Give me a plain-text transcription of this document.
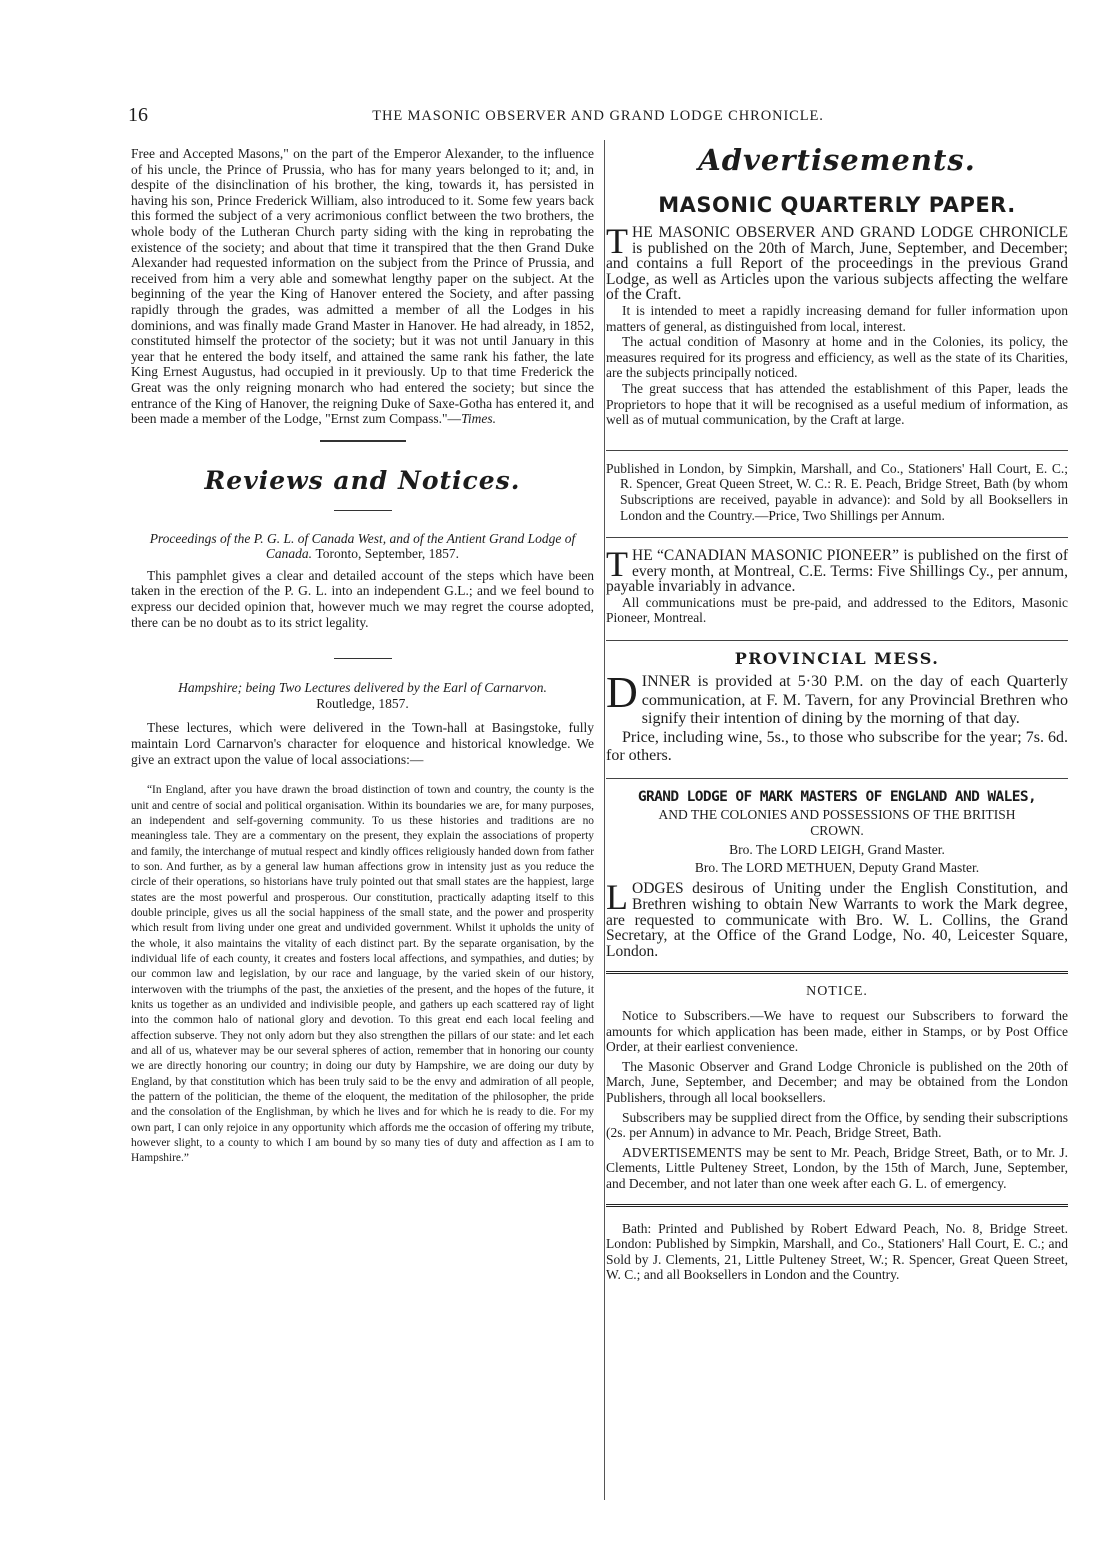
16	THE MASONIC OBSERVER AND GRAND LODGE CHRONICLE.

Free and Accepted Masons," on the part of the Emperor Alexander, to the influence of his uncle, the Prince of Prussia, who has for many years belonged to it; and, in despite of the disinclination of his brother, the king, towards it, has persisted in having his son, Prince Frederick William, also introduced to it. Some few years back this formed the subject of a very acrimonious conflict between the two brothers, the whole body of the Lutheran Church party siding with the king in reprobating the existence of the society; and about that time it transpired that the then Grand Duke Alexander had requested information on the subject from the Prince of Prussia, and received from him a very able and somewhat lengthy paper on the subject. At the beginning of the year the King of Hanover entered the Society, and after passing rapidly through the grades, was admitted a member of all the Lodges in his dominions, and was finally made Grand Master in Hanover. He had already, in 1852, constituted himself the protector of the society; but it was not until January in this year that he entered the body itself, and attained the same rank his father, the late King Ernest Augustus, had occupied in it previously. Up to that time Frederick the Great was the only reigning monarch who had entered the society; but since the entrance of the King of Hanover, the reigning Duke of Saxe-Gotha has entered it, and been made a member of the Lodge, "Ernst zum Compass."—Times.

Reviews and Notices.

Proceedings of the P. G. L. of Canada West, and of the Antient Grand Lodge of Canada. Toronto, September, 1857.

This pamphlet gives a clear and detailed account of the steps which have been taken in the erection of the P. G. L. into an independent G.L.; and we feel bound to express our decided opinion that, however much we may regret the course adopted, there can be no doubt as to its strict legality.

Hampshire; being Two Lectures delivered by the Earl of Carnarvon.

Routledge, 1857.

These lectures, which were delivered in the Town-hall at Basingstoke, fully maintain Lord Carnarvon's character for eloquence and historical knowledge. We give an extract upon the value of local associations:—

“In England, after you have drawn the broad distinction of town and country, the county is the unit and centre of social and political organisation. Within its boundaries we are, for many purposes, an independent and self-governing community. To us these histories and traditions are no meaningless tale. They are a commentary on the present, they explain the associations of property and family, the interchange of mutual respect and kindly offices religiously handed down from father to son. And further, as by a general law human affections grow in intensity just as you reduce the circle of their operations, so historians have truly pointed out that small states are the happiest, large states are the most powerful and prosperous. Our constitution, practically adapting itself to this double principle, gives us all the social happiness of the small state, and the power and prosperity which result from living under one great and undivided government. Whilst it upholds the unity of the whole, it also maintains the vitality of each distinct part. By the separate organisation, by the individual life of each county, it creates and fosters local affections, and sympathies, and duties; by our common law and legislation, by our race and language, by the varied skein of our history, interwoven with the triumphs of the past, the anxieties of the present, and the hopes of the future, it knits us together as an undivided and indivisible people, and gathers up each scattered ray of light into the common halo of national glory and devotion. To this great end each local feeling and affection subserve. They not only adorn but they also strengthen the pillars of our state: and let each and all of us, whatever may be our several spheres of action, remember that in honoring our county we are directly honoring our country; in doing our duty by Hampshire, we are doing our duty by England, by that constitution which has been truly said to be the envy and admiration of all people, the pattern of the politician, the theme of the eloquent, the meditation of the philosopher, the pride and the consolation of the Englishman, by which he lives and for which he is ready to die. For my own part, I can only rejoice in any opportunity which affords me the occasion of offering my tribute, however slight, to a county to which I am bound by so many ties of duty and affection as I am to Hampshire.”

Advertisements.
MASONIC QUARTERLY PAPER.

THE MASONIC OBSERVER AND GRAND LODGE CHRONICLE is published on the 20th of March, June, September, and December; and contains a full Report of the proceedings in the previous Grand Lodge, as well as Articles upon the various subjects affecting the welfare of the Craft.

It is intended to meet a rapidly increasing demand for fuller information upon matters of general, as distinguished from local, interest.

The actual condition of Masonry at home and in the Colonies, its policy, the measures required for its progress and efficiency, as well as the state of its Charities, are the subjects principally noticed.

The great success that has attended the establishment of this Paper, leads the Proprietors to hope that it will be recognised as a useful medium of information, as well as of mutual communication, by the Craft at large.

Published in London, by Simpkin, Marshall, and Co., Stationers' Hall Court, E. C.; R. Spencer, Great Queen Street, W. C.: R. E. Peach, Bridge Street, Bath (by whom Subscriptions are received, payable in advance): and Sold by all Booksellers in London and the Country.—Price, Two Shillings per Annum.

THE “CANADIAN MASONIC PIONEER” is published on the first of every month, at Montreal, C.E. Terms: Five Shillings Cy., per annum, payable invariably in advance.

All communications must be pre-paid, and addressed to the Editors, Masonic Pioneer, Montreal.

PROVINCIAL MESS.

DINNER is provided at 5·30 P.M. on the day of each Quarterly communication, at F. M. Tavern, for any Provincial Brethren who signify their intention of dining by the morning of that day.

Price, including wine, 5s., to those who subscribe for the year; 7s. 6d. for others.

GRAND LODGE OF MARK MASTERS OF ENGLAND AND WALES,

AND THE COLONIES AND POSSESSIONS OF THE BRITISH CROWN.

Bro. The LORD LEIGH, Grand Master.

Bro. The LORD METHUEN, Deputy Grand Master.

LODGES desirous of Uniting under the English Constitution, and Brethren wishing to obtain New Warrants to work the Mark degree, are requested to communicate with Bro. W. L. Collins, the Grand Secretary, at the Office of the Grand Lodge, No. 40, Leicester Square, London.

NOTICE.

Notice to Subscribers.—We have to request our Subscribers to forward the amounts for which application has been made, either in Stamps, or by Post Office Order, at their earliest convenience.

The Masonic Observer and Grand Lodge Chronicle is published on the 20th of March, June, September, and December; and may be obtained from the London Publishers, through all local booksellers.

Subscribers may be supplied direct from the Office, by sending their subscriptions (2s. per Annum) in advance to Mr. Peach, Bridge Street, Bath.

ADVERTISEMENTS may be sent to Mr. Peach, Bridge Street, Bath, or to Mr. J. Clements, Little Pulteney Street, London, by the 15th of March, June, September, and December, and not later than one week after each G. L. of emergency.

Bath: Printed and Published by Robert Edward Peach, No. 8, Bridge Street. London: Published by Simpkin, Marshall, and Co., Stationers' Hall Court, E. C.; and Sold by J. Clements, 21, Little Pulteney Street, W.; R. Spencer, Great Queen Street, W. C.; and all Booksellers in London and the Country.
